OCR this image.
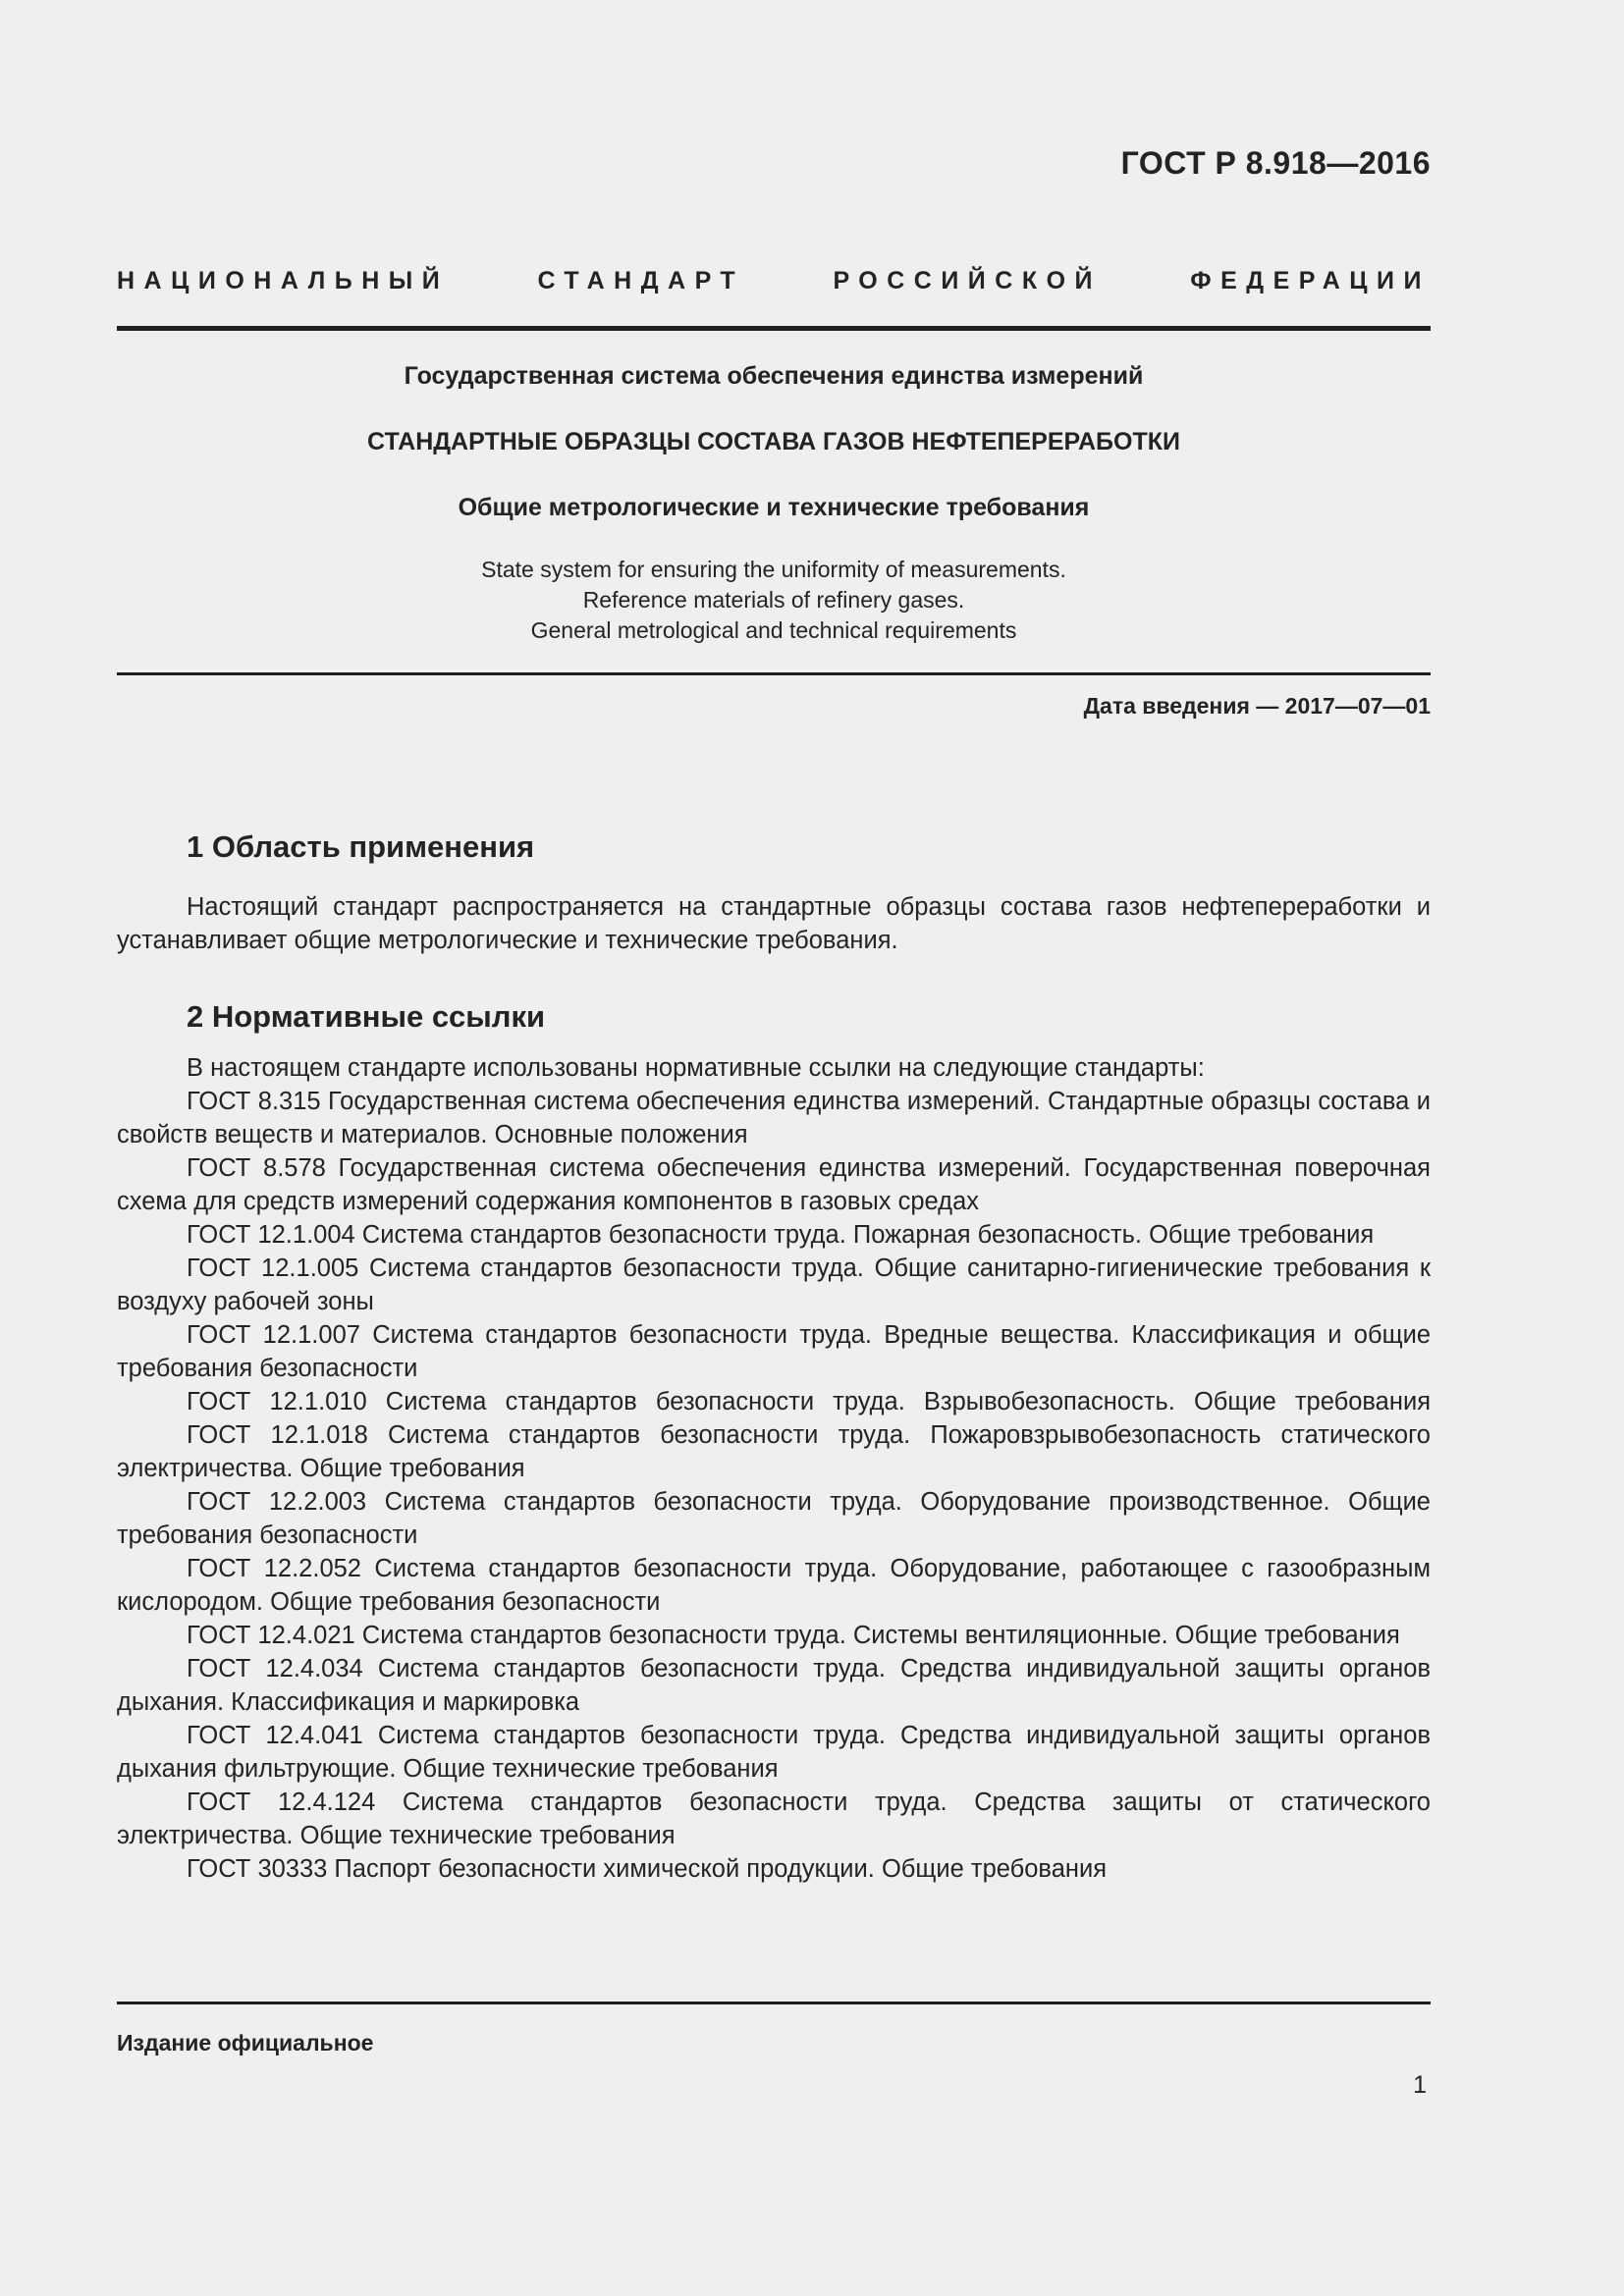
ГОСТ Р 8.918—2016
НАЦИОНАЛЬНЫЙ СТАНДАРТ РОССИЙСКОЙ ФЕДЕРАЦИИ
Государственная система обеспечения единства измерений
СТАНДАРТНЫЕ ОБРАЗЦЫ СОСТАВА ГАЗОВ НЕФТЕПЕРЕРАБОТКИ
Общие метрологические и технические требования
State system for ensuring the uniformity of measurements.
Reference materials of refinery gases.
General metrological and technical requirements
Дата введения — 2017—07—01
1 Область применения

Настоящий стандарт распространяется на стандартные образцы состава газов нефтепереработки и устанавливает общие метрологические и технические требования.

2 Нормативные ссылки
В настоящем стандарте использованы нормативные ссылки на следующие стандарты:
ГОСТ 8.315 Государственная система обеспечения единства измерений. Стандартные образцы состава и свойств веществ и материалов. Основные положения
ГОСТ 8.578 Государственная система обеспечения единства измерений. Государственная поверочная схема для средств измерений содержания компонентов в газовых средах
ГОСТ 12.1.004 Система стандартов безопасности труда. Пожарная безопасность. Общие требования
ГОСТ 12.1.005 Система стандартов безопасности труда. Общие санитарно-гигиенические требования к воздуху рабочей зоны
ГОСТ 12.1.007 Система стандартов безопасности труда. Вредные вещества. Классификация и общие требования безопасности
ГОСТ 12.1.010 Система стандартов безопасности труда. Взрывобезопасность. Общие требования
ГОСТ 12.1.018 Система стандартов безопасности труда. Пожаровзрывобезопасность статического электричества. Общие требования
ГОСТ 12.2.003 Система стандартов безопасности труда. Оборудование производственное. Общие требования безопасности
ГОСТ 12.2.052 Система стандартов безопасности труда. Оборудование, работающее с газообразным кислородом. Общие требования безопасности
ГОСТ 12.4.021 Система стандартов безопасности труда. Системы вентиляционные. Общие требования
ГОСТ 12.4.034 Система стандартов безопасности труда. Средства индивидуальной защиты органов дыхания. Классификация и маркировка
ГОСТ 12.4.041 Система стандартов безопасности труда. Средства индивидуальной защиты органов дыхания фильтрующие. Общие технические требования
ГОСТ 12.4.124 Система стандартов безопасности труда. Средства защиты от статического электричества. Общие технические требования
ГОСТ 30333 Паспорт безопасности химической продукции. Общие требования
Издание официальное
1
